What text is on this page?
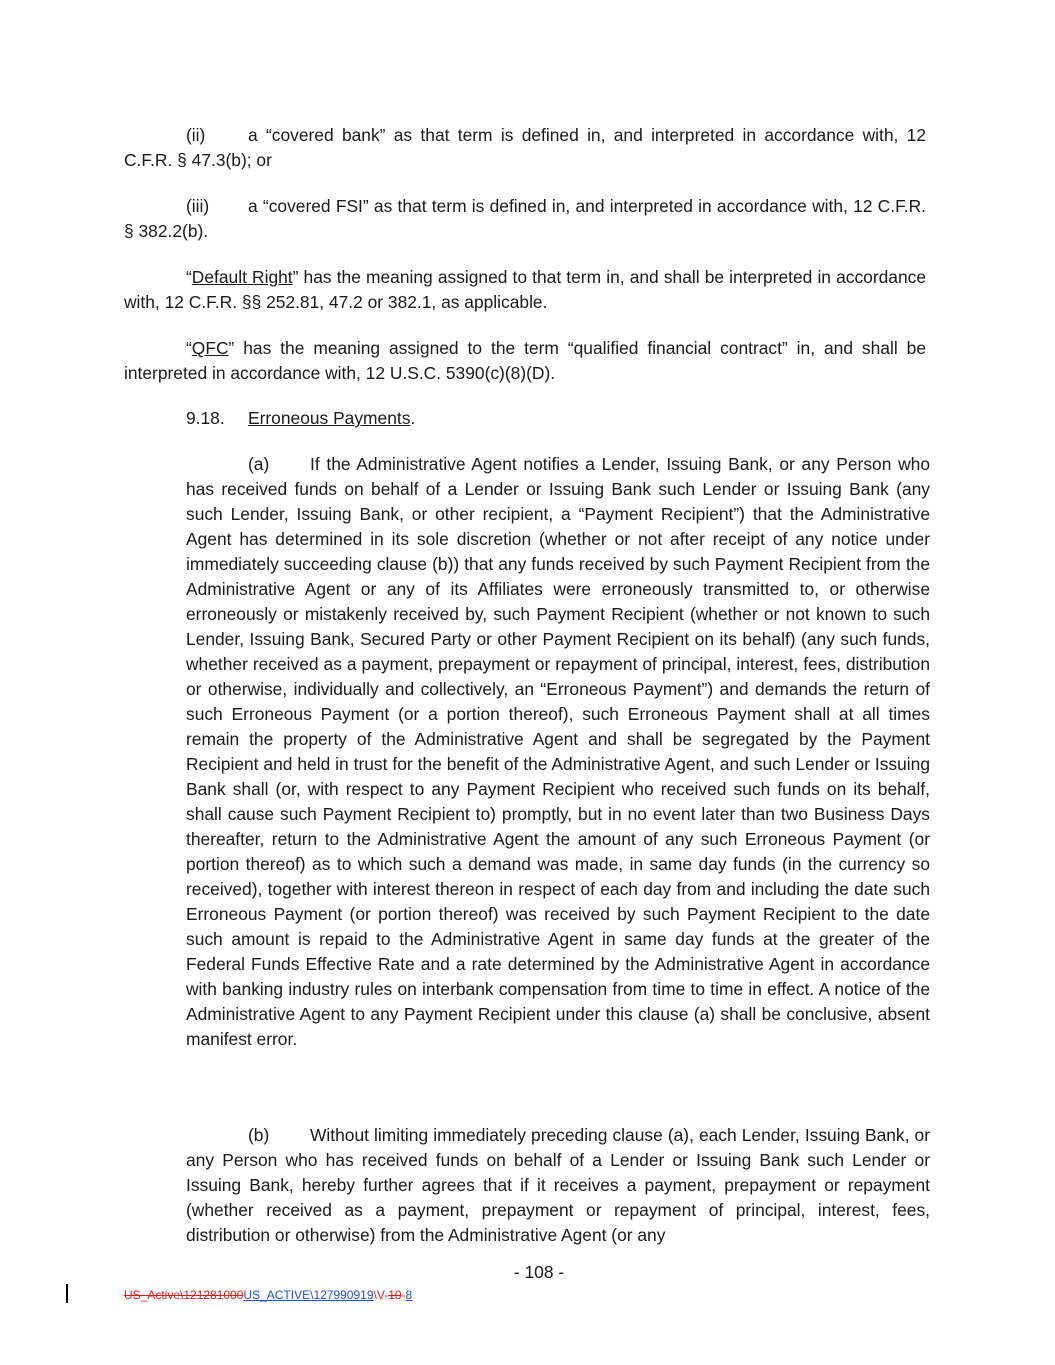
(ii) a “covered bank” as that term is defined in, and interpreted in accordance with, 12 C.F.R. § 47.3(b); or
(iii) a “covered FSI” as that term is defined in, and interpreted in accordance with, 12 C.F.R. § 382.2(b).
“Default Right” has the meaning assigned to that term in, and shall be interpreted in accordance with, 12 C.F.R. §§ 252.81, 47.2 or 382.1, as applicable.
“QFC” has the meaning assigned to the term “qualified financial contract” in, and shall be interpreted in accordance with, 12 U.S.C. 5390(c)(8)(D).
9.18. Erroneous Payments.
(a) If the Administrative Agent notifies a Lender, Issuing Bank, or any Person who has received funds on behalf of a Lender or Issuing Bank such Lender or Issuing Bank (any such Lender, Issuing Bank, or other recipient, a “Payment Recipient”) that the Administrative Agent has determined in its sole discretion (whether or not after receipt of any notice under immediately succeeding clause (b)) that any funds received by such Payment Recipient from the Administrative Agent or any of its Affiliates were erroneously transmitted to, or otherwise erroneously or mistakenly received by, such Payment Recipient (whether or not known to such Lender, Issuing Bank, Secured Party or other Payment Recipient on its behalf) (any such funds, whether received as a payment, prepayment or repayment of principal, interest, fees, distribution or otherwise, individually and collectively, an “Erroneous Payment”) and demands the return of such Erroneous Payment (or a portion thereof), such Erroneous Payment shall at all times remain the property of the Administrative Agent and shall be segregated by the Payment Recipient and held in trust for the benefit of the Administrative Agent, and such Lender or Issuing Bank shall (or, with respect to any Payment Recipient who received such funds on its behalf, shall cause such Payment Recipient to) promptly, but in no event later than two Business Days thereafter, return to the Administrative Agent the amount of any such Erroneous Payment (or portion thereof) as to which such a demand was made, in same day funds (in the currency so received), together with interest thereon in respect of each day from and including the date such Erroneous Payment (or portion thereof) was received by such Payment Recipient to the date such amount is repaid to the Administrative Agent in same day funds at the greater of the Federal Funds Effective Rate and a rate determined by the Administrative Agent in accordance with banking industry rules on interbank compensation from time to time in effect. A notice of the Administrative Agent to any Payment Recipient under this clause (a) shall be conclusive, absent manifest error.
(b) Without limiting immediately preceding clause (a), each Lender, Issuing Bank, or any Person who has received funds on behalf of a Lender or Issuing Bank such Lender or Issuing Bank, hereby further agrees that if it receives a payment, prepayment or repayment (whether received as a payment, prepayment or repayment of principal, interest, fees, distribution or otherwise) from the Administrative Agent (or any
- 108 -
US_Active\121281000US_ACTIVE\127990919\V-10-8
